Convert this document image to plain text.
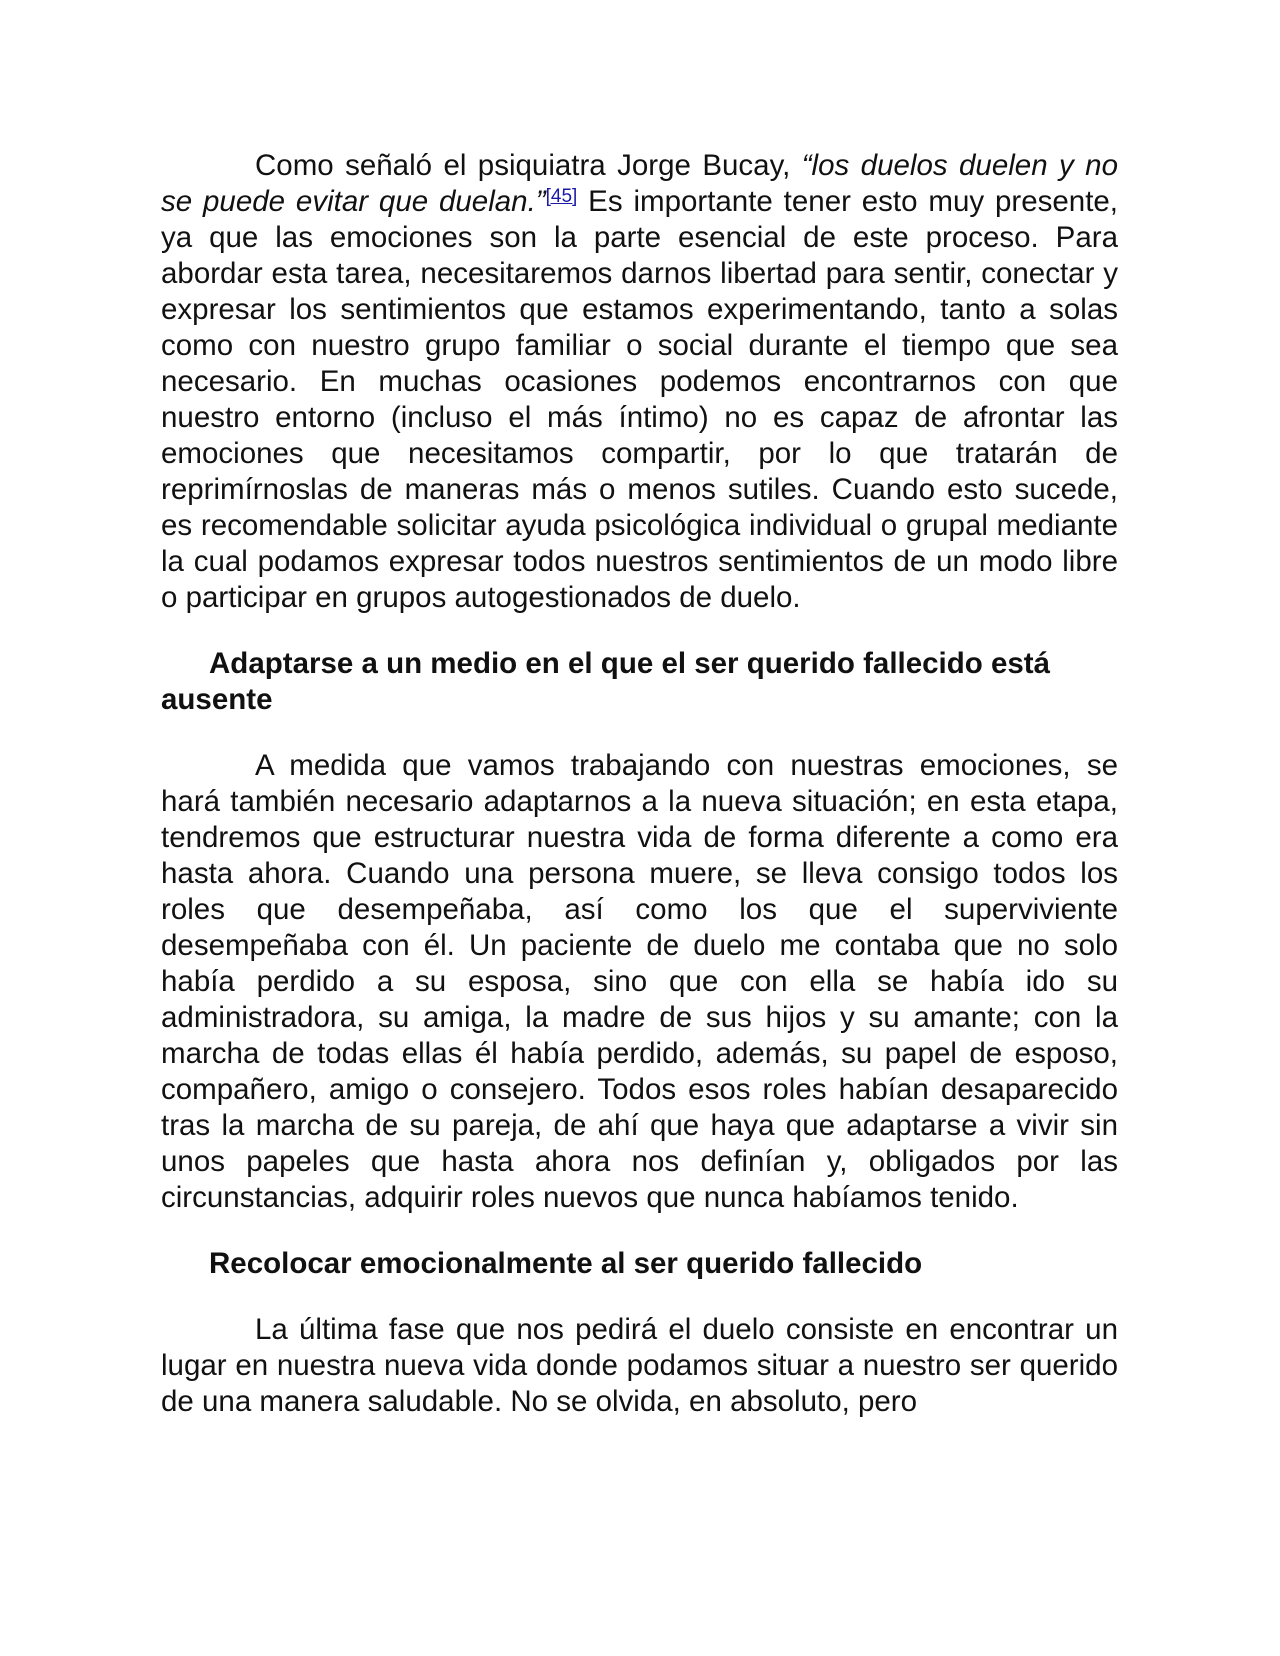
Como señaló el psiquiatra Jorge Bucay, “los duelos duelen y no se puede evitar que duelan.”[45] Es importante tener esto muy presente, ya que las emociones son la parte esencial de este proceso. Para abordar esta tarea, necesitaremos darnos libertad para sentir, conectar y expresar los sentimientos que estamos experimentando, tanto a solas como con nuestro grupo familiar o social durante el tiempo que sea necesario. En muchas ocasiones podemos encontrarnos con que nuestro entorno (incluso el más íntimo) no es capaz de afrontar las emociones que necesitamos compartir, por lo que tratarán de reprimírnoslas de maneras más o menos sutiles. Cuando esto sucede, es recomendable solicitar ayuda psicológica individual o grupal mediante la cual podamos expresar todos nuestros sentimientos de un modo libre o participar en grupos autogestionados de duelo.

Adaptarse a un medio en el que el ser querido fallecido está ausente

A medida que vamos trabajando con nuestras emociones, se hará también necesario adaptarnos a la nueva situación; en esta etapa, tendremos que estructurar nuestra vida de forma diferente a como era hasta ahora. Cuando una persona muere, se lleva consigo todos los roles que desempeñaba, así como los que el superviviente desempeñaba con él. Un paciente de duelo me contaba que no solo había perdido a su esposa, sino que con ella se había ido su administradora, su amiga, la madre de sus hijos y su amante; con la marcha de todas ellas él había perdido, además, su papel de esposo, compañero, amigo o consejero. Todos esos roles habían desaparecido tras la marcha de su pareja, de ahí que haya que adaptarse a vivir sin unos papeles que hasta ahora nos definían y, obligados por las circunstancias, adquirir roles nuevos que nunca habíamos tenido.

Recolocar emocionalmente al ser querido fallecido

La última fase que nos pedirá el duelo consiste en encontrar un lugar en nuestra nueva vida donde podamos situar a nuestro ser querido de una manera saludable. No se olvida, en absoluto, pero
